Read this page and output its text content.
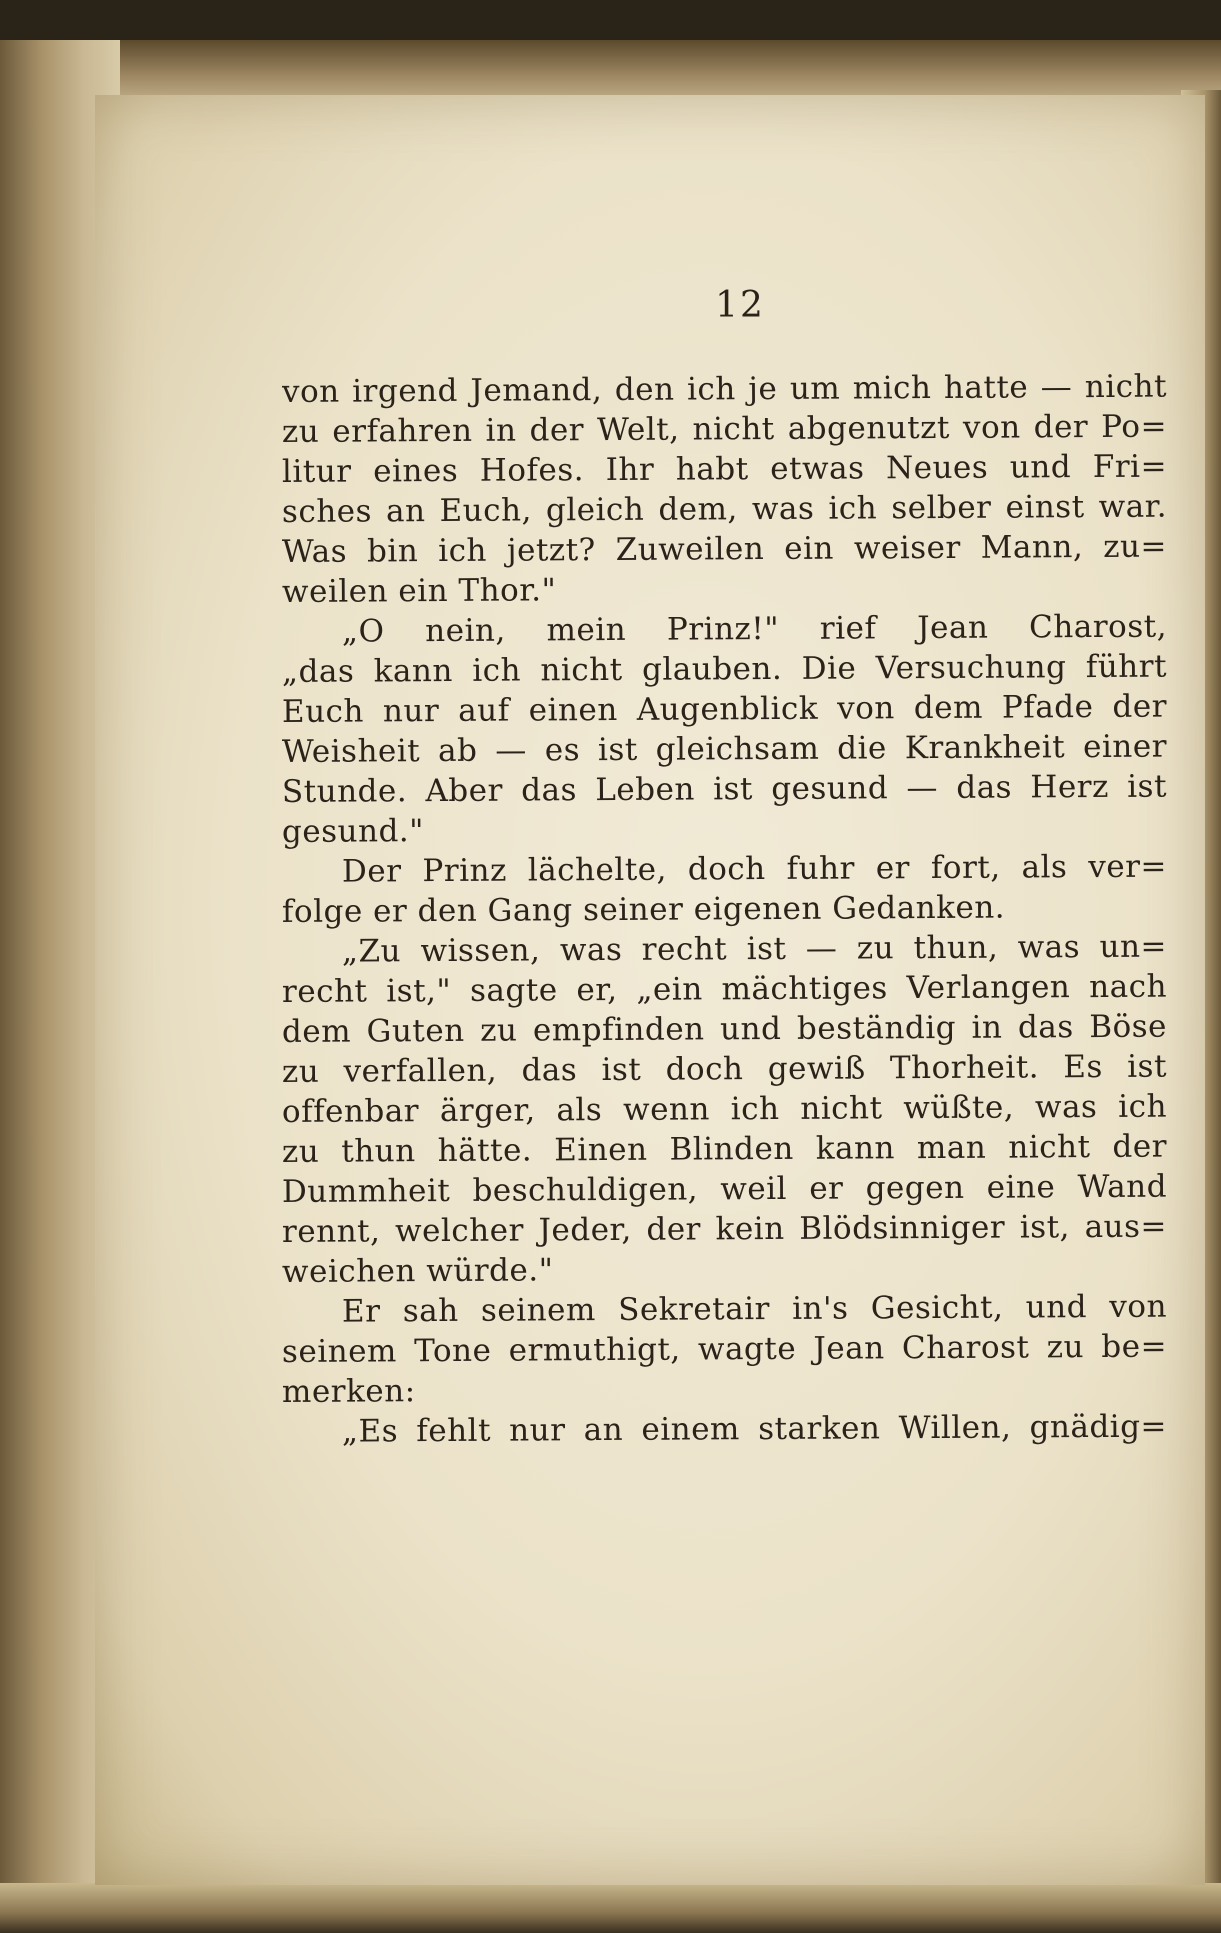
12
von irgend Jemand, den ich je um mich hatte — nicht
zu erfahren in der Welt, nicht abgenutzt von der Po=
litur eines Hofes. Ihr habt etwas Neues und Fri=
sches an Euch, gleich dem, was ich selber einst war.
Was bin ich jetzt? Zuweilen ein weiser Mann, zu=
weilen ein Thor."
„O nein, mein Prinz!" rief Jean Charost,
„das kann ich nicht glauben. Die Versuchung führt
Euch nur auf einen Augenblick von dem Pfade der
Weisheit ab — es ist gleichsam die Krankheit einer
Stunde. Aber das Leben ist gesund — das Herz ist
gesund."
Der Prinz lächelte, doch fuhr er fort, als ver=
folge er den Gang seiner eigenen Gedanken.
„Zu wissen, was recht ist — zu thun, was un=
recht ist," sagte er, „ein mächtiges Verlangen nach
dem Guten zu empfinden und beständig in das Böse
zu verfallen, das ist doch gewiß Thorheit. Es ist
offenbar ärger, als wenn ich nicht wüßte, was ich
zu thun hätte. Einen Blinden kann man nicht der
Dummheit beschuldigen, weil er gegen eine Wand
rennt, welcher Jeder, der kein Blödsinniger ist, aus=
weichen würde."
Er sah seinem Sekretair in's Gesicht, und von
seinem Tone ermuthigt, wagte Jean Charost zu be=
merken:
„Es fehlt nur an einem starken Willen, gnädig=
